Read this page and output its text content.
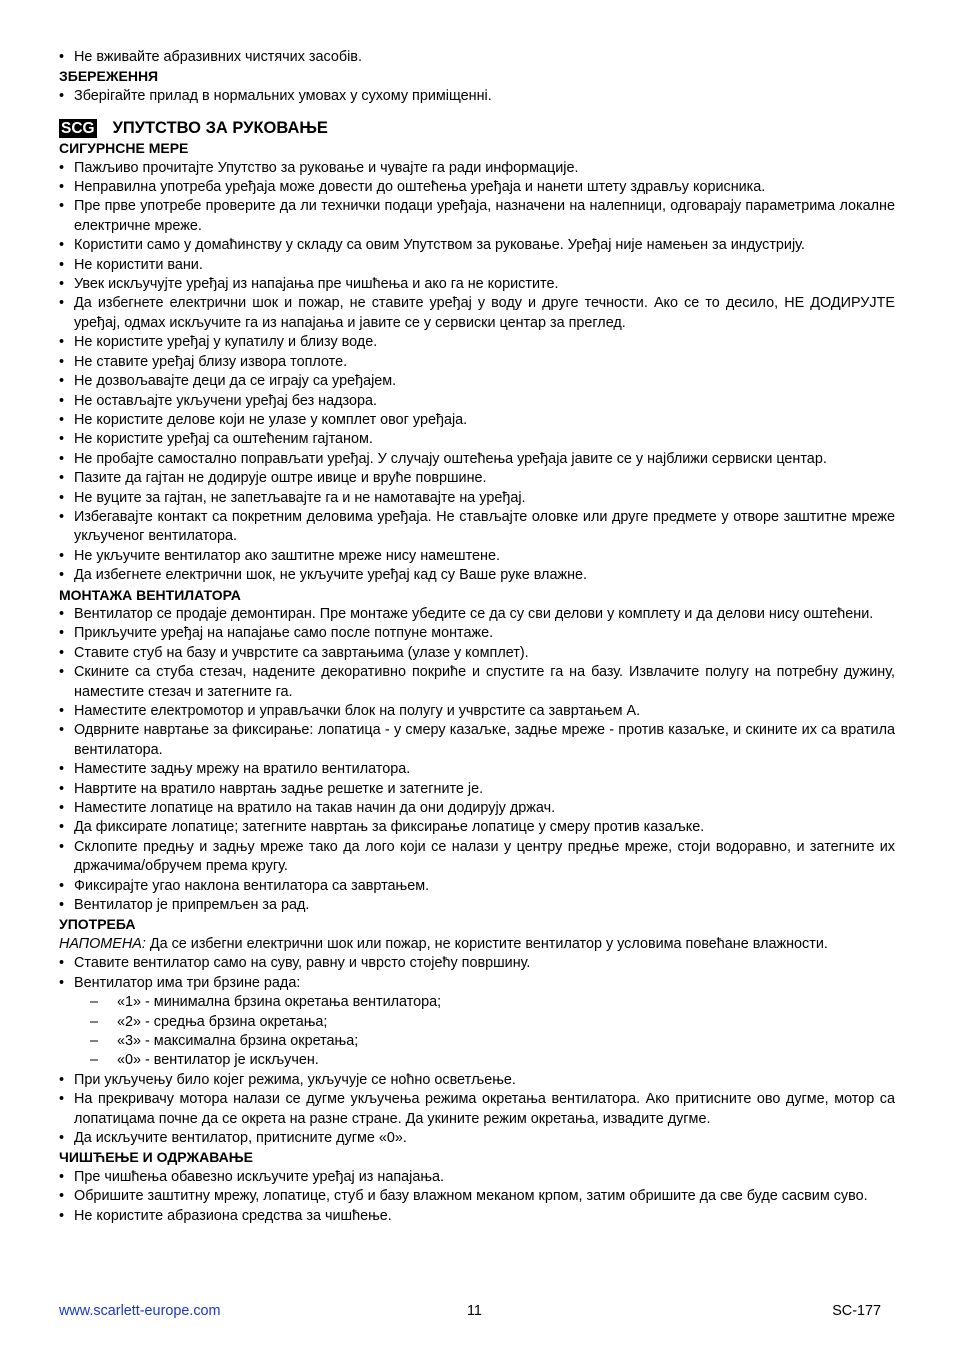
• Не вживайте абразивних чистячих засобів.
ЗБЕРЕЖЕННЯ
• Зберігайте прилад в нормальних умовах у сухому приміщенні.
SCG УПУТСТВО ЗА РУКОВАЊЕ
СИГУРНСНЕ МЕРЕ
• Пажљиво прочитајте Упутство за руковање и чувајте га ради информације.
• Неправилна употреба уређаја може довести до оштећења уређаја и нанети штету здрављу корисника.
• Пре прве употребе проверите да ли технички подаци уређаја, назначени на налепници, одговарају параметрима локалне електричне мреже.
• Користити само у домаћинству у складу са овим Упутством за руковање. Уређај није намењен за индустрију.
• Не користити вани.
• Увек искључујте уређај из напајања пре чишћења и ако га не користите.
• Да избегнете електрични шок и пожар, не ставите уређај у воду и друге течности. Ако се то десило, НЕ ДОДИРУЈТЕ уређај, одмах искључите га из напајања и јавите се у сервиски центар за преглед.
• Не користите уређај у купатилу и близу воде.
• Не ставите уређај близу извора топлоте.
• Не дозвољавајте деци да се играју са уређајем.
• Не остављајте укључени уређај без надзора.
• Не користите делове који не улазе у комплет овог уређаја.
• Не користите уређај са оштећеним гајтаном.
• Не пробајте самостално поправљати уређај. У случају оштећења уређаја јавите се у најближи сервиски центар.
• Пазите да гајтан не додирује оштре ивице и вруће површине.
• Не вуците за гајтан, не запетљавајте га и не намотавајте на уређај.
• Избегавајте контакт са покретним деловима уређаја. Не стављајте оловке или друге предмете у отворе заштитне мреже укљученог вентилатора.
• Не укључите вентилатор ако заштитне мреже нису намештене.
• Да избегнете електрични шок, не укључите уређај кад су Ваше руке влажне.
МОНТАЖА ВЕНТИЛАТОРА
• Вентилатор се продаје демонтиран. Пре монтаже убедите се да су сви делови у комплету и да делови нису оштећени.
• Прикључите уређај на напајање само после потпуне монтаже.
• Ставите стуб на базу и учврстите са завртањима (улазе у комплет).
• Скините са стуба стезач, надените декоративно покриће и спустите га на базу. Извлачите полугу на потребну дужину, наместите стезач и затегните га.
• Наместите електромотор и управљачки блок на полугу и учврстите са завртањем А.
• Одврните навртање за фиксирање: лопатица - у смеру казаљке, задње мреже - против казаљке, и скините их са вратила вентилатора.
• Наместите задњу мрежу на вратило вентилатора.
• Навртите на вратило навртањ задње решетке и затегните је.
• Наместите лопатице на вратило на такав начин да они додирују држач.
• Да фиксирате лопатице; затегните навртањ за фиксирање лопатице у смеру против казаљке.
• Склопите предњу и задњу мреже тако да лого који се налази у центру предње мреже, стоји водоравно, и затегните их држачима/обручем према кругу.
• Фиксирајте угао наклона вентилатора са завртањем.
• Вентилатор је припремљен за рад.
УПОТРЕБА
НАПОМЕНА: Да се избегни електрични шок или пожар, не користите вентилатор у условима повећане влажности.
• Ставите вентилатор само на суву, равну и чврсто стојећу површину.
• Вентилатор има три брзине рада:
– «1» - минимална брзина окретања вентилатора;
– «2» - средња брзина окретања;
– «3» - максимална брзина окретања;
– «0» - вентилатор је искључен.
• При укључењу било којег режима, укључује се ноћно осветљење.
• На прекривачу мотора налази се дугме укључења режима окретања вентилатора. Ако притисните ово дугме, мотор са лопатицама почне да се окрета на разне стране. Да укините режим окретања, извадите дугме.
• Да искључите вентилатор, притисните дугме «0».
ЧИШЋЕЊЕ И ОДРЖАВАЊЕ
• Пре чишћења обавезно искључите уређај из напајања.
• Обришите заштитну мрежу, лопатице, стуб и базу влажном меканом крпом, затим обришите да све буде сасвим суво.
• Не користите абразиона средства за чишћење.
www.scarlett-europe.com	11	SC-177
